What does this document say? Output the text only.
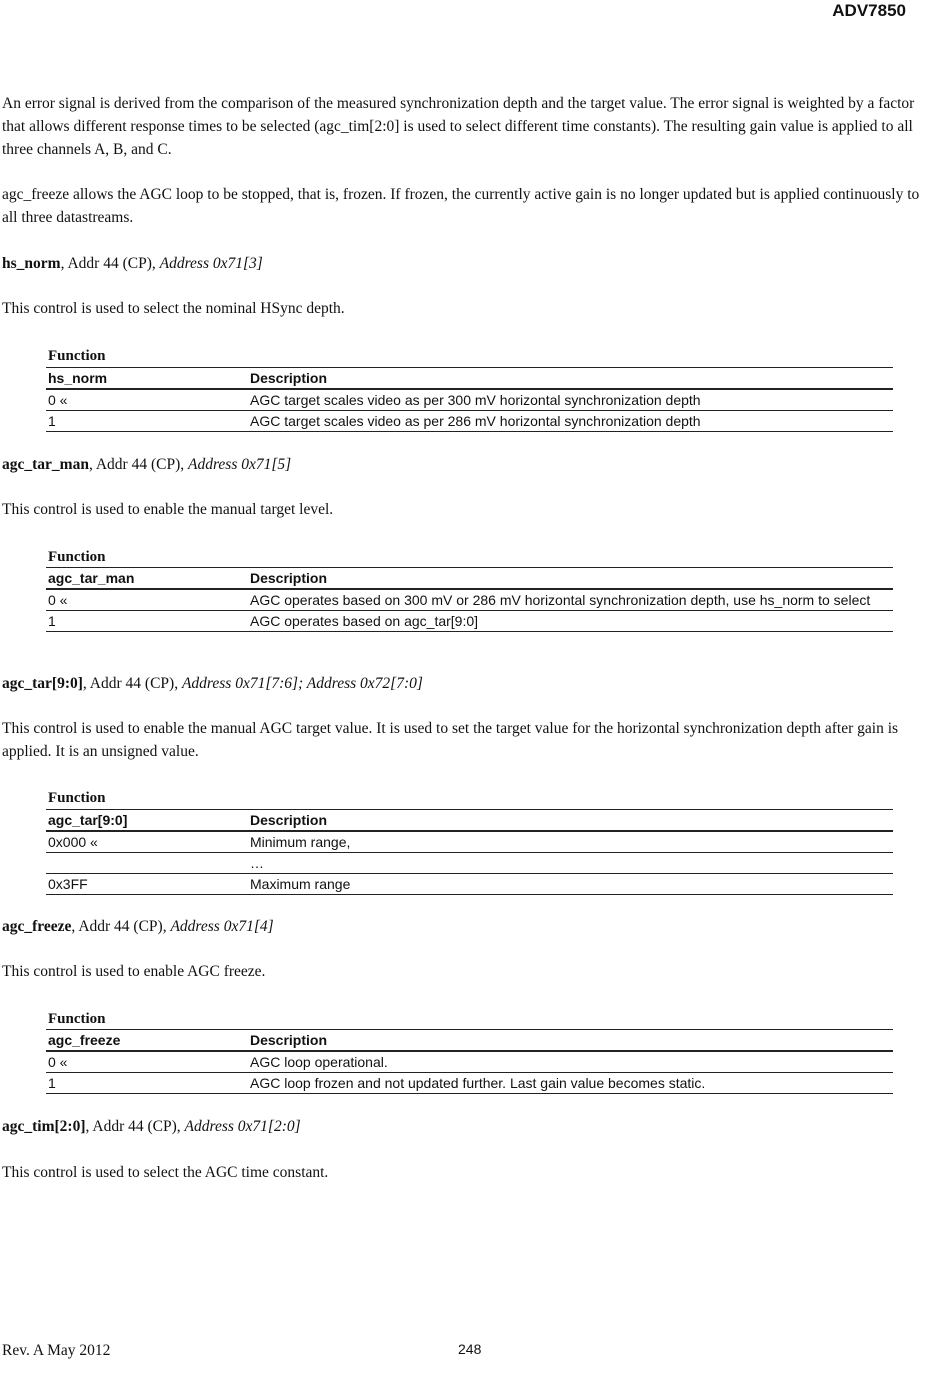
ADV7850

An error signal is derived from the comparison of the measured synchronization depth and the target value. The error signal is weighted by a factor that allows different response times to be selected (agc_tim[2:0] is used to select different time constants). The resulting gain value is applied to all three channels A, B, and C.

agc_freeze allows the AGC loop to be stopped, that is, frozen. If frozen, the currently active gain is no longer updated but is applied continuously to all three datastreams.

hs_norm, Addr 44 (CP), Address 0x71[3]

This control is used to select the nominal HSync depth.

Function
hs_norm	Description
0 «	AGC target scales video as per 300 mV horizontal synchronization depth
1	AGC target scales video as per 286 mV horizontal synchronization depth
agc_tar_man, Addr 44 (CP), Address 0x71[5]

This control is used to enable the manual target level.

Function
agc_tar_man	Description
0 «	AGC operates based on 300 mV or 286 mV horizontal synchronization depth, use hs_norm to select
1	AGC operates based on agc_tar[9:0]
agc_tar[9:0], Addr 44 (CP), Address 0x71[7:6]; Address 0x72[7:0]

This control is used to enable the manual AGC target value. It is used to set the target value for the horizontal synchronization depth after gain is applied. It is an unsigned value.

Function
agc_tar[9:0]	Description
0x000 «	Minimum range,
	…
0x3FF	Maximum range
agc_freeze, Addr 44 (CP), Address 0x71[4]

This control is used to enable AGC freeze.

Function
agc_freeze	Description
0 «	AGC loop operational.
1	AGC loop frozen and not updated further. Last gain value becomes static.
agc_tim[2:0], Addr 44 (CP), Address 0x71[2:0]

This control is used to select the AGC time constant.

Rev. A May 2012	248
